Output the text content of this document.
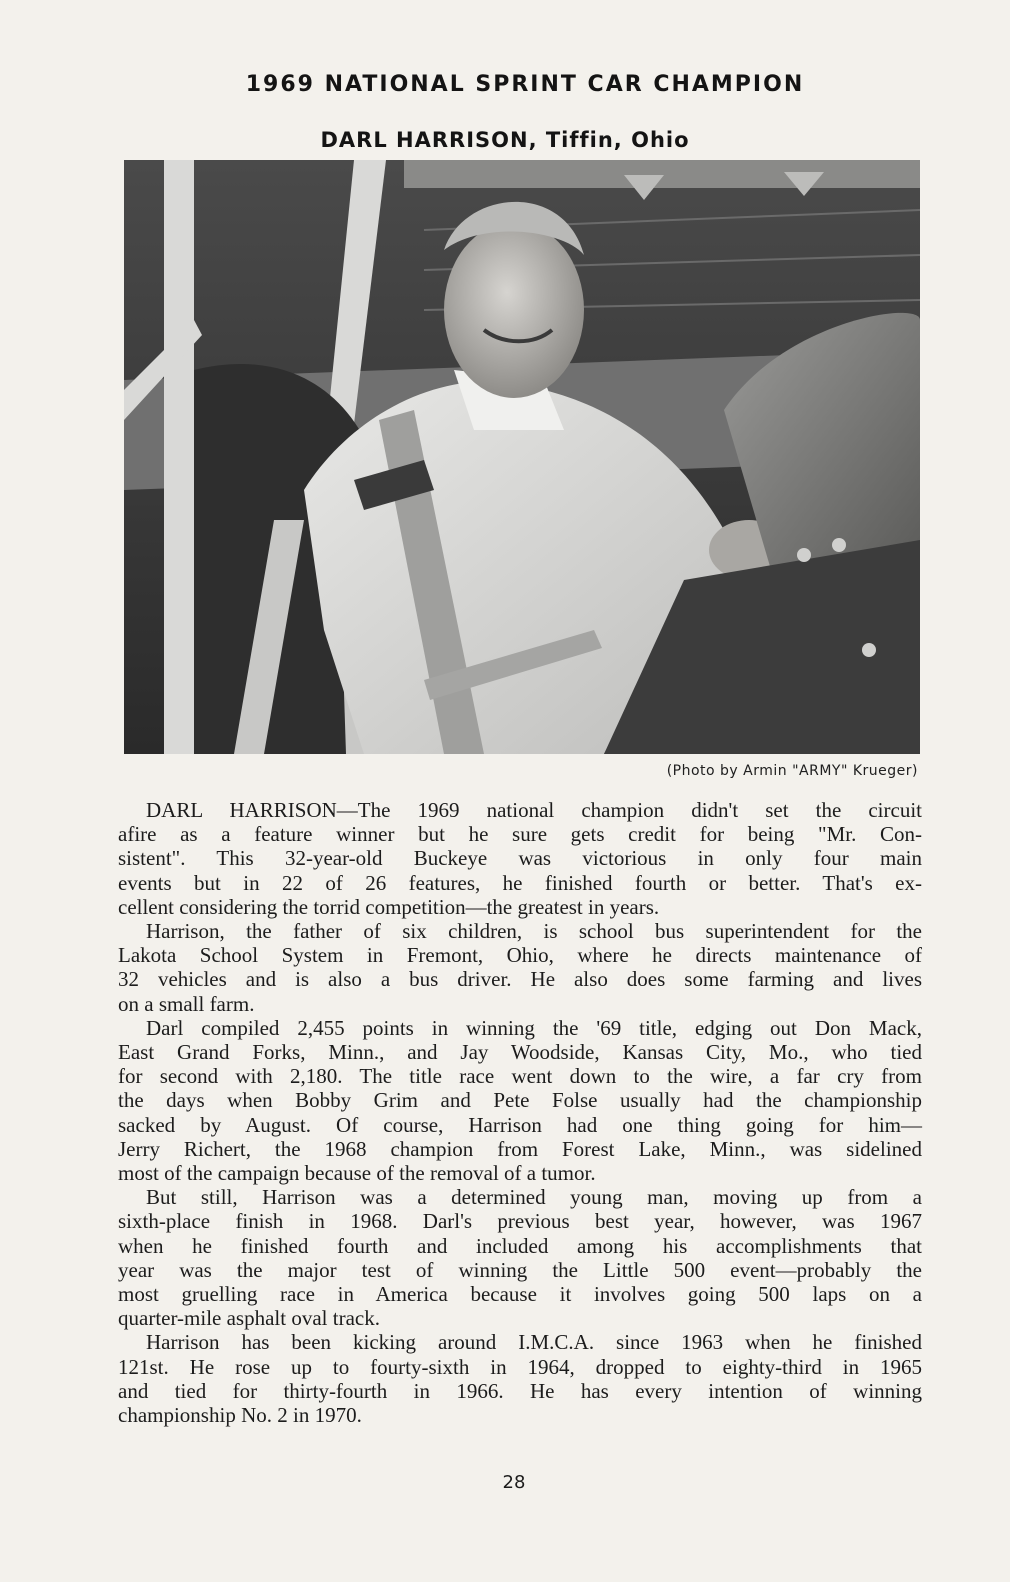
1969 NATIONAL SPRINT CAR CHAMPION
DARL HARRISON, Tiffin, Ohio
(Photo by Armin "ARMY" Krueger)

DARL HARRISON—The 1969 national champion didn't set the circuit

afire as a feature winner but he sure gets credit for being "Mr. Con-

sistent". This 32-year-old Buckeye was victorious in only four main

events but in 22 of 26 features, he finished fourth or better. That's ex-

cellent considering the torrid competition—the greatest in years.

Harrison, the father of six children, is school bus superintendent for the

Lakota School System in Fremont, Ohio, where he directs maintenance of

32 vehicles and is also a bus driver. He also does some farming and lives

on a small farm.

Darl compiled 2,455 points in winning the '69 title, edging out Don Mack,

East Grand Forks, Minn., and Jay Woodside, Kansas City, Mo., who tied

for second with 2,180. The title race went down to the wire, a far cry from

the days when Bobby Grim and Pete Folse usually had the championship

sacked by August. Of course, Harrison had one thing going for him—

Jerry Richert, the 1968 champion from Forest Lake, Minn., was sidelined

most of the campaign because of the removal of a tumor.

But still, Harrison was a determined young man, moving up from a

sixth-place finish in 1968. Darl's previous best year, however, was 1967

when he finished fourth and included among his accomplishments that

year was the major test of winning the Little 500 event—probably the

most gruelling race in America because it involves going 500 laps on a

quarter-mile asphalt oval track.

Harrison has been kicking around I.M.C.A. since 1963 when he finished

121st. He rose up to fourty-sixth in 1964, dropped to eighty-third in 1965

and tied for thirty-fourth in 1966. He has every intention of winning

championship No. 2 in 1970.

28
